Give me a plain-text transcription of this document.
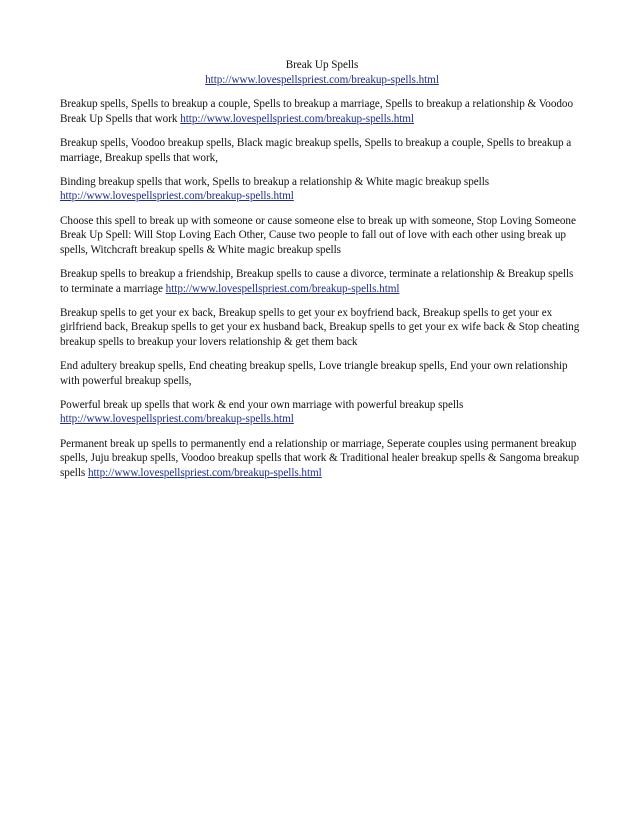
Break Up Spells
http://www.lovespellspriest.com/breakup-spells.html

Breakup spells, Spells to breakup a couple, Spells to breakup a marriage, Spells to breakup a relationship & Voodoo Break Up Spells that work http://www.lovespellspriest.com/breakup-spells.html

Breakup spells, Voodoo breakup spells, Black magic breakup spells, Spells to breakup a couple, Spells to breakup a marriage, Breakup spells that work,

Binding breakup spells that work, Spells to breakup a relationship & White magic breakup spells http://www.lovespellspriest.com/breakup-spells.html

Choose this spell to break up with someone or cause someone else to break up with someone, Stop Loving Someone Break Up Spell: Will Stop Loving Each Other, Cause two people to fall out of love with each other using break up spells, Witchcraft breakup spells & White magic breakup spells

Breakup spells to breakup a friendship, Breakup spells to cause a divorce, terminate a relationship & Breakup spells to terminate a marriage http://www.lovespellspriest.com/breakup-spells.html

Breakup spells to get your ex back, Breakup spells to get your ex boyfriend back, Breakup spells to get your ex girlfriend back, Breakup spells to get your ex husband back, Breakup spells to get your ex wife back & Stop cheating breakup spells to breakup your lovers relationship & get them back

End adultery breakup spells, End cheating breakup spells, Love triangle breakup spells, End your own relationship with powerful breakup spells,

Powerful break up spells that work & end your own marriage with powerful breakup spells http://www.lovespellspriest.com/breakup-spells.html

Permanent break up spells to permanently end a relationship or marriage, Seperate couples using permanent breakup spells, Juju breakup spells, Voodoo breakup spells that work & Traditional healer breakup spells & Sangoma breakup spells http://www.lovespellspriest.com/breakup-spells.html
